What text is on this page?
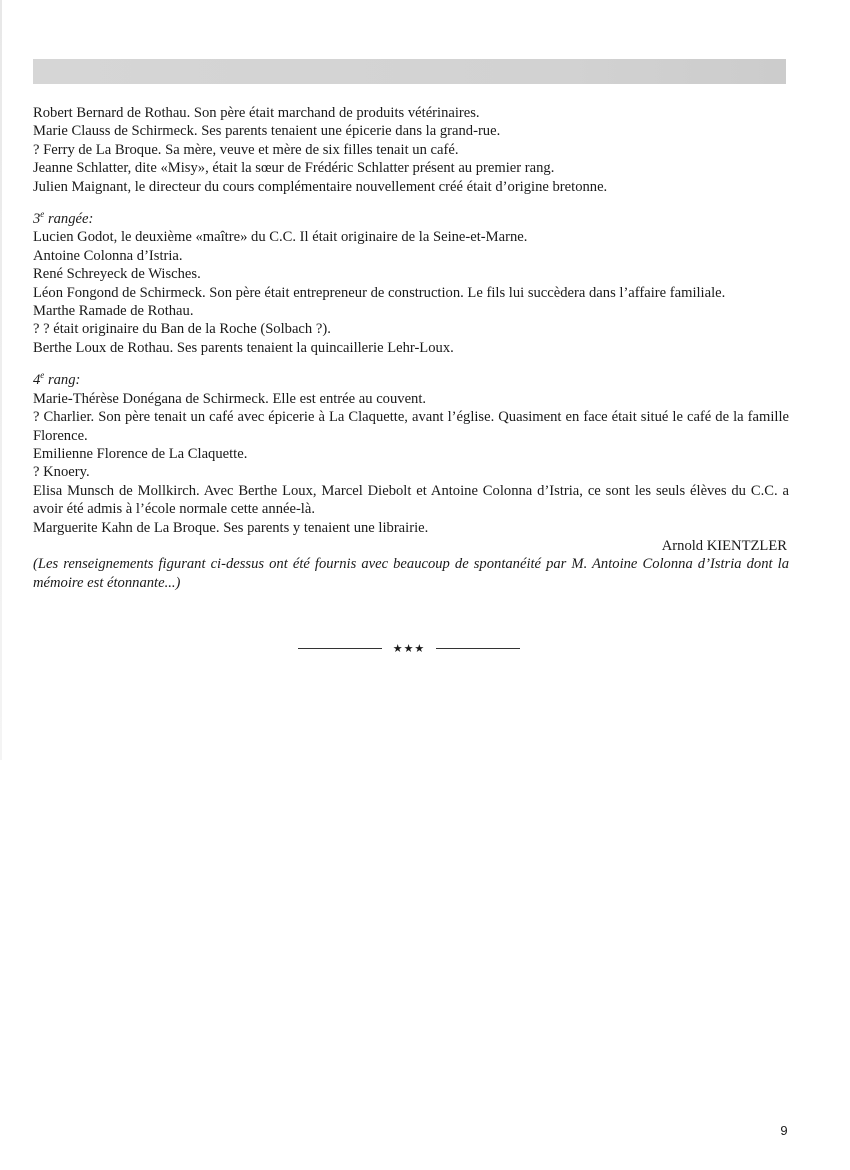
Robert Bernard de Rothau. Son père était marchand de produits vétérinaires.

Marie Clauss de Schirmeck. Ses parents tenaient une épicerie dans la grand-rue.

? Ferry de La Broque. Sa mère, veuve et mère de six filles tenait un café.

Jeanne Schlatter, dite «Misy», était la sœur de Frédéric Schlatter présent au premier rang.

Julien Maignant, le directeur du cours complémentaire nouvellement créé était d’origine bretonne.

3e rangée:

Lucien Godot, le deuxième «maître» du C.C. Il était originaire de la Seine-et-Marne.

Antoine Colonna d’Istria.

René Schreyeck de Wisches.

Léon Fongond de Schirmeck. Son père était entrepreneur de construction. Le fils lui succèdera dans l’affaire familiale.

Marthe Ramade de Rothau.

? ? était originaire du Ban de la Roche (Solbach ?).

Berthe Loux de Rothau. Ses parents tenaient la quincaillerie Lehr-Loux.

4e rang:

Marie-Thérèse Donégana de Schirmeck. Elle est entrée au couvent.

? Charlier. Son père tenait un café avec épicerie à La Claquette, avant l’église. Quasiment en face était situé le café de la famille Florence.

Emilienne Florence de La Claquette.

? Knoery.

Elisa Munsch de Mollkirch. Avec Berthe Loux, Marcel Diebolt et Antoine Colonna d’Istria, ce sont les seuls élèves du C.C. a avoir été admis à l’école normale cette année-là.

Marguerite Kahn de La Broque. Ses parents y tenaient une librairie.

Arnold KIENTZLER

(Les renseignements figurant ci-dessus ont été fournis avec beaucoup de spontanéité par M. Antoine Colonna d’Istria dont la mémoire est étonnante...)

★★★
9
